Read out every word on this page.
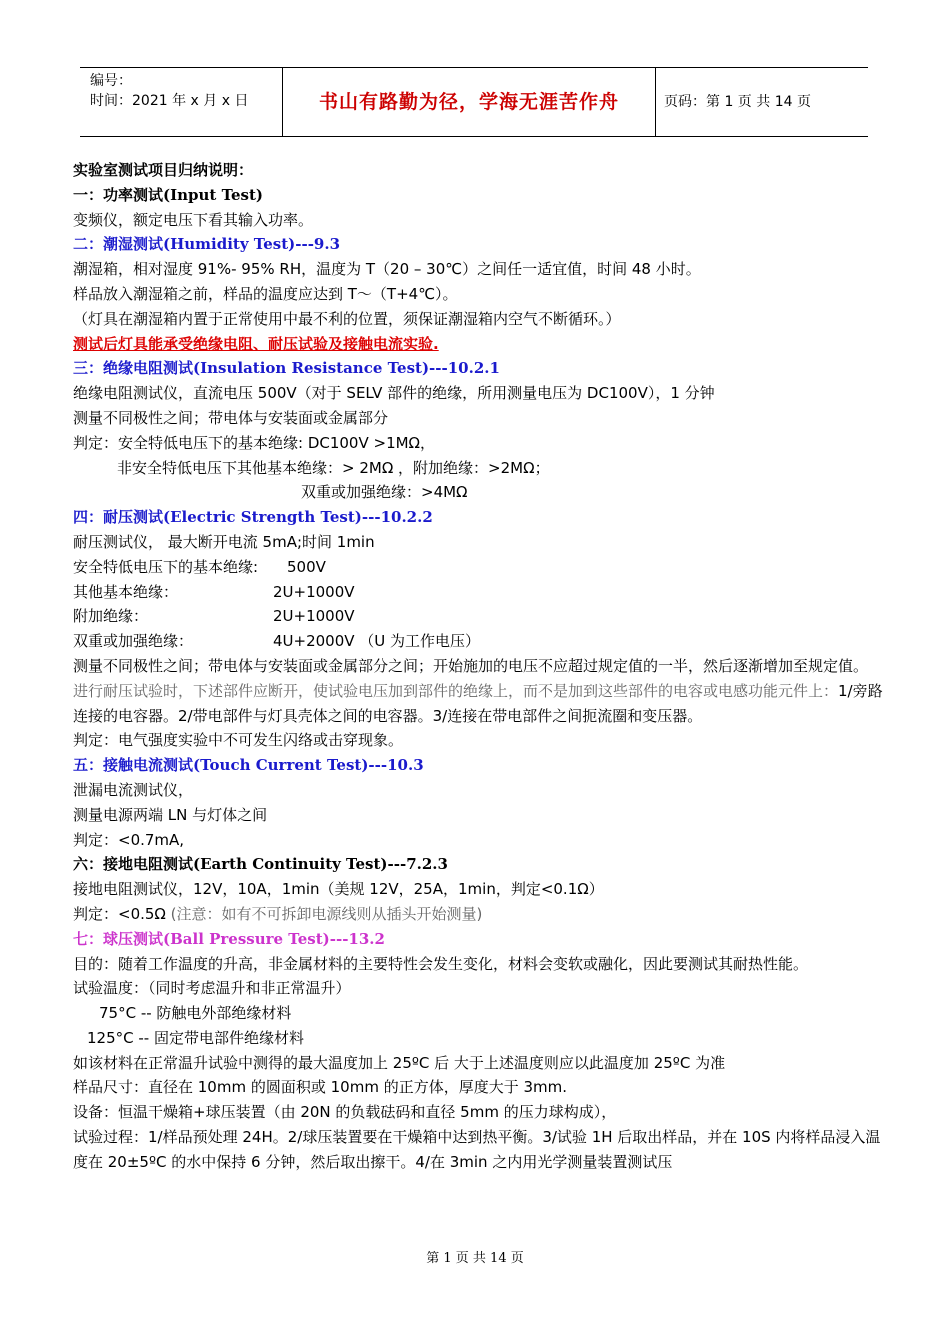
编号：
时间：2021 年 x 月 x 日	书山有路勤为径，学海无涯苦作舟	页码：第 1 页 共 14 页
实验室测试项目归纳说明：
一：功率测试(Input Test)
变频仪，额定电压下看其输入功率。
二：潮湿测试(Humidity Test)---9.3
潮湿箱，相对湿度 91%- 95% RH，温度为 T（20 – 30℃）之间任一适宜值，时间 48 小时。
样品放入潮湿箱之前，样品的温度应达到 T～（T+4℃）。
（灯具在潮湿箱内置于正常使用中最不利的位置，须保证潮湿箱内空气不断循环。）
测试后灯具能承受绝缘电阻、耐压试验及接触电流实验.
三：绝缘电阻测试(Insulation Resistance Test)---10.2.1
绝缘电阻测试仪，直流电压 500V（对于 SELV 部件的绝缘，所用测量电压为 DC100V），1 分钟
测量不同极性之间；带电体与安装面或金属部分
判定：安全特低电压下的基本绝缘: DC100V >1MΩ，
非安全特低电压下其他基本绝缘：> 2MΩ ，附加绝缘：>2MΩ；
双重或加强绝缘：>4MΩ
四：耐压测试(Electric Strength Test)---10.2.2
耐压测试仪， 最大断开电流 5mA;时间 1min
安全特低电压下的基本绝缘: 500V
其他基本绝缘：	2U+1000V
附加绝缘：	2U+1000V
双重或加强绝缘：	4U+2000V （U 为工作电压）
测量不同极性之间；带电体与安装面或金属部分之间；开始施加的电压不应超过规定值的一半，然后逐渐增加至规定值。进行耐压试验时，下述部件应断开，使试验电压加到部件的绝缘上，而不是加到这些部件的电容或电感功能元件上：1/旁路连接的电容器。2/带电部件与灯具壳体之间的电容器。3/连接在带电部件之间扼流圈和变压器。
判定：电气强度实验中不可发生闪络或击穿现象。
五：接触电流测试(Touch Current Test)---10.3
泄漏电流测试仪，
测量电源两端 LN 与灯体之间
判定：<0.7mA,
六：接地电阻测试(Earth Continuity Test)---7.2.3
接地电阻测试仪，12V，10A，1min（美规 12V，25A，1min，判定<0.1Ω）
判定：<0.5Ω (注意：如有不可拆卸电源线则从插头开始测量)
七：球压测试(Ball Pressure Test)---13.2
目的：随着工作温度的升高，非金属材料的主要特性会发生变化，材料会变软或融化，因此要测试其耐热性能。
试验温度：（同时考虑温升和非正常温升）
75°C -- 防触电外部绝缘材料
125°C -- 固定带电部件绝缘材料
如该材料在正常温升试验中测得的最大温度加上 25ºC 后 大于上述温度则应以此温度加 25ºC 为准
样品尺寸：直径在 10mm 的圆面积或 10mm 的正方体，厚度大于 3mm.
设备：恒温干燥箱+球压装置（由 20N 的负载砝码和直径 5mm 的压力球构成），
试验过程：1/样品预处理 24H。2/球压装置要在干燥箱中达到热平衡。3/试验 1H 后取出样品，并在 10S 内将样品浸入温度在 20±5ºC 的水中保持 6 分钟，然后取出擦干。4/在 3min 之内用光学测量装置测试压
第 1 页 共 14 页
